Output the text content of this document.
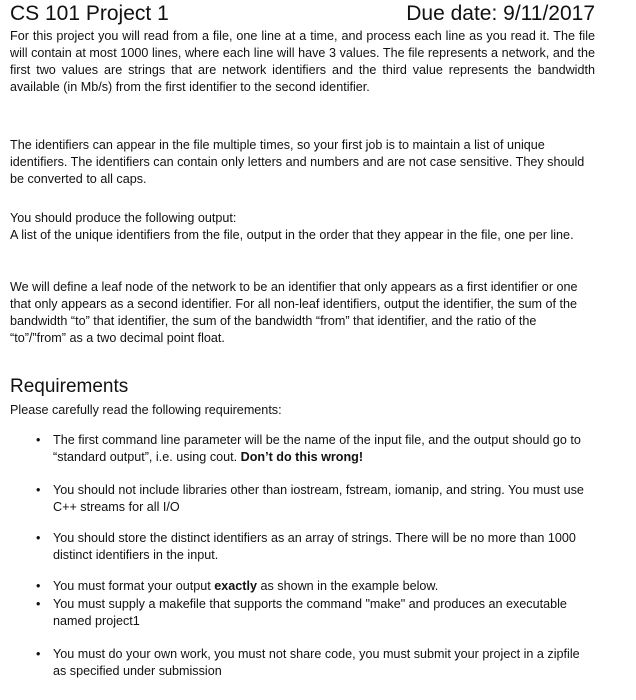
CS 101 Project 1	Due date: 9/11/2017

For this project you will read from a file, one line at a time, and process each line as you read it. The file will contain at most 1000 lines, where each line will have 3 values. The file represents a network, and the first two values are strings that are network identifiers and the third value represents the bandwidth available (in Mb/s) from the first identifier to the second identifier.

The identifiers can appear in the file multiple times, so your first job is to maintain a list of unique identifiers. The identifiers can contain only letters and numbers and are not case sensitive. They should be converted to all caps.

You should produce the following output:

A list of the unique identifiers from the file, output in the order that they appear in the file, one per line.

We will define a leaf node of the network to be an identifier that only appears as a first identifier or one that only appears as a second identifier. For all non-leaf identifiers, output the identifier, the sum of the bandwidth “to” that identifier, the sum of the bandwidth “from” that identifier, and the ratio of the “to”/”from” as a two decimal point float.

Requirements
Please carefully read the following requirements:
• The first command line parameter will be the name of the input file, and the output should go to “standard output”, i.e. using cout. Don’t do this wrong!
• You should not include libraries other than iostream, fstream, iomanip, and string. You must use C++ streams for all I/O
• You should store the distinct identifiers as an array of strings. There will be no more than 1000 distinct identifiers in the input.
• You must format your output exactly as shown in the example below.
• You must supply a makefile that supports the command "make" and produces an executable named project1
• You must do your own work, you must not share code, you must submit your project in a zipfile as specified under submission
